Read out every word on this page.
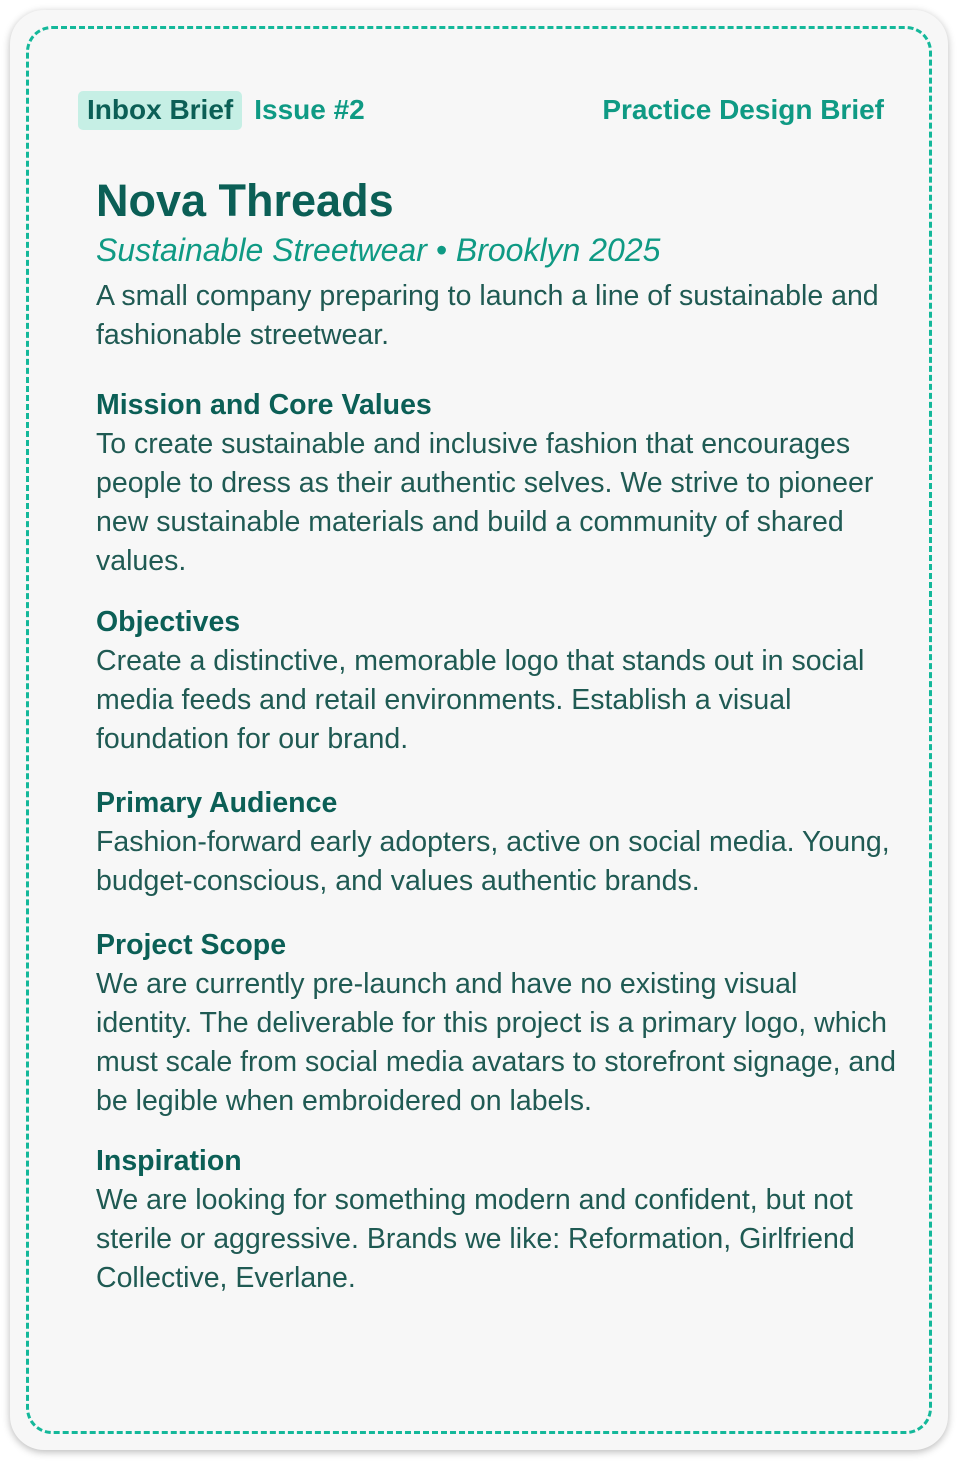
Inbox Brief Issue #2	Practice Design Brief
Nova Threads

Sustainable Streetwear • Brooklyn 2025

A small company preparing to launch a line of sustainable and fashionable streetwear.

Mission and Core Values

To create sustainable and inclusive fashion that encourages people to dress as their authentic selves. We strive to pioneer new sustainable materials and build a community of shared values.

Objectives

Create a distinctive, memorable logo that stands out in social media feeds and retail environments. Establish a visual foundation for our brand.

Primary Audience

Fashion-forward early adopters, active on social media. Young, budget-conscious, and values authentic brands.

Project Scope

We are currently pre-launch and have no existing visual identity. The deliverable for this project is a primary logo, which must scale from social media avatars to storefront signage, and be legible when embroidered on labels.

Inspiration

We are looking for something modern and confident, but not sterile or aggressive. Brands we like: Reformation, Girlfriend Collective, Everlane.
